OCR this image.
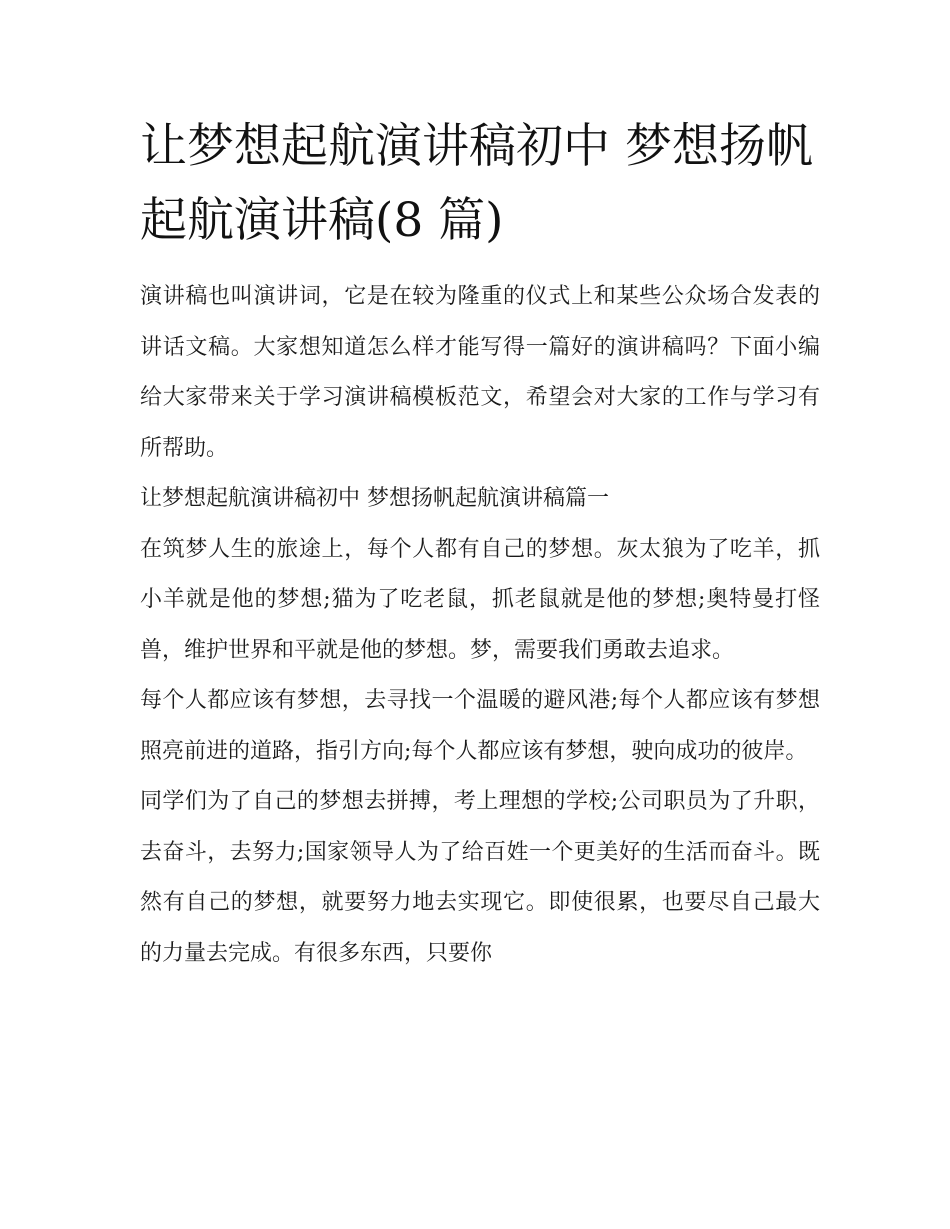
让梦想起航演讲稿初中 梦想扬帆起航演讲稿(8 篇)

演讲稿也叫演讲词，它是在较为隆重的仪式上和某些公众场合发表的讲话文稿。大家想知道怎么样才能写得一篇好的演讲稿吗？下面小编给大家带来关于学习演讲稿模板范文，希望会对大家的工作与学习有所帮助。

让梦想起航演讲稿初中 梦想扬帆起航演讲稿篇一

在筑梦人生的旅途上，每个人都有自己的梦想。灰太狼为了吃羊，抓小羊就是他的梦想;猫为了吃老鼠，抓老鼠就是他的梦想;奥特曼打怪兽，维护世界和平就是他的梦想。梦，需要我们勇敢去追求。

每个人都应该有梦想，去寻找一个温暖的避风港;每个人都应该有梦想照亮前进的道路，指引方向;每个人都应该有梦想，驶向成功的彼岸。

同学们为了自己的梦想去拼搏，考上理想的学校;公司职员为了升职，去奋斗，去努力;国家领导人为了给百姓一个更美好的生活而奋斗。既然有自己的梦想，就要努力地去实现它。即使很累，也要尽自己最大的力量去完成。有很多东西，只要你
